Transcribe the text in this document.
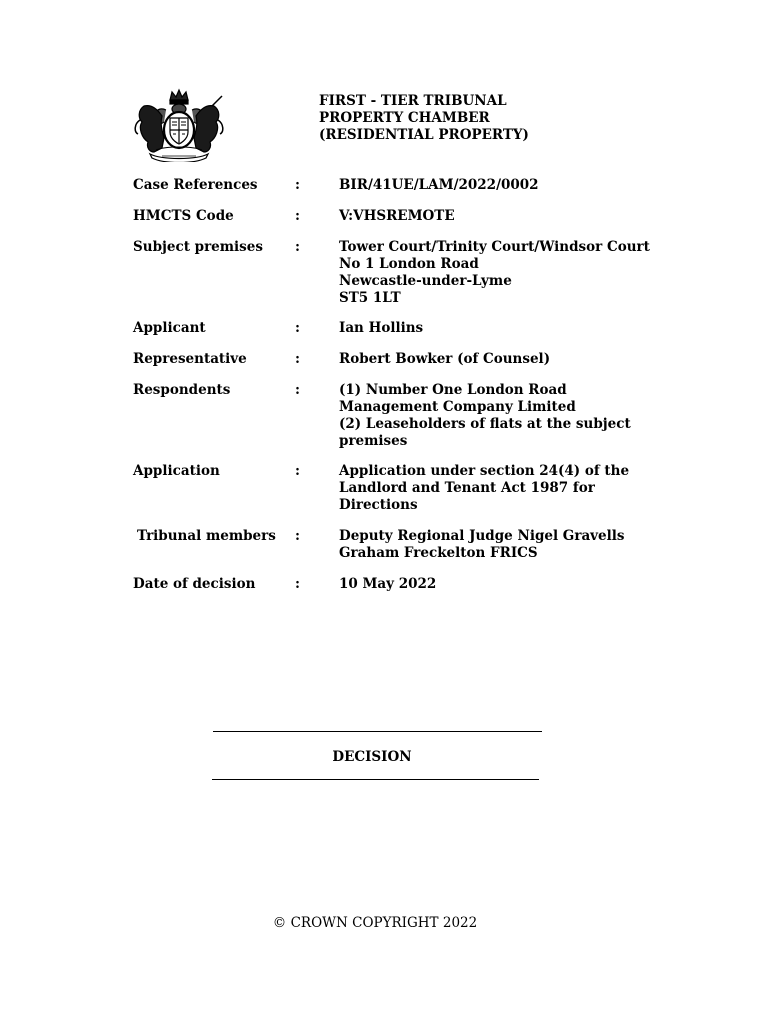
FIRST - TIER TRIBUNAL
PROPERTY CHAMBER
(RESIDENTIAL PROPERTY)
Case References	:	BIR/41UE/LAM/2022/0002
HMCTS Code	:	V:VHSREMOTE
Subject premises :	Tower Court/Trinity Court/Windsor Court
No 1 London Road
Newcastle-under-Lyme
ST5 1LT
Applicant	:	Ian Hollins
Representative	:	Robert Bowker (of Counsel)
Respondents	:	(1) Number One London Road
Management Company Limited
(2) Leaseholders of flats at the subject
premises
Application	:	Application under section 24(4) of the
Landlord and Tenant Act 1987 for
Directions
Tribunal members :	Deputy Regional Judge Nigel Gravells
Graham Freckelton FRICS
Date of decision	:	10 May 2022
DECISION
© CROWN COPYRIGHT 2022
